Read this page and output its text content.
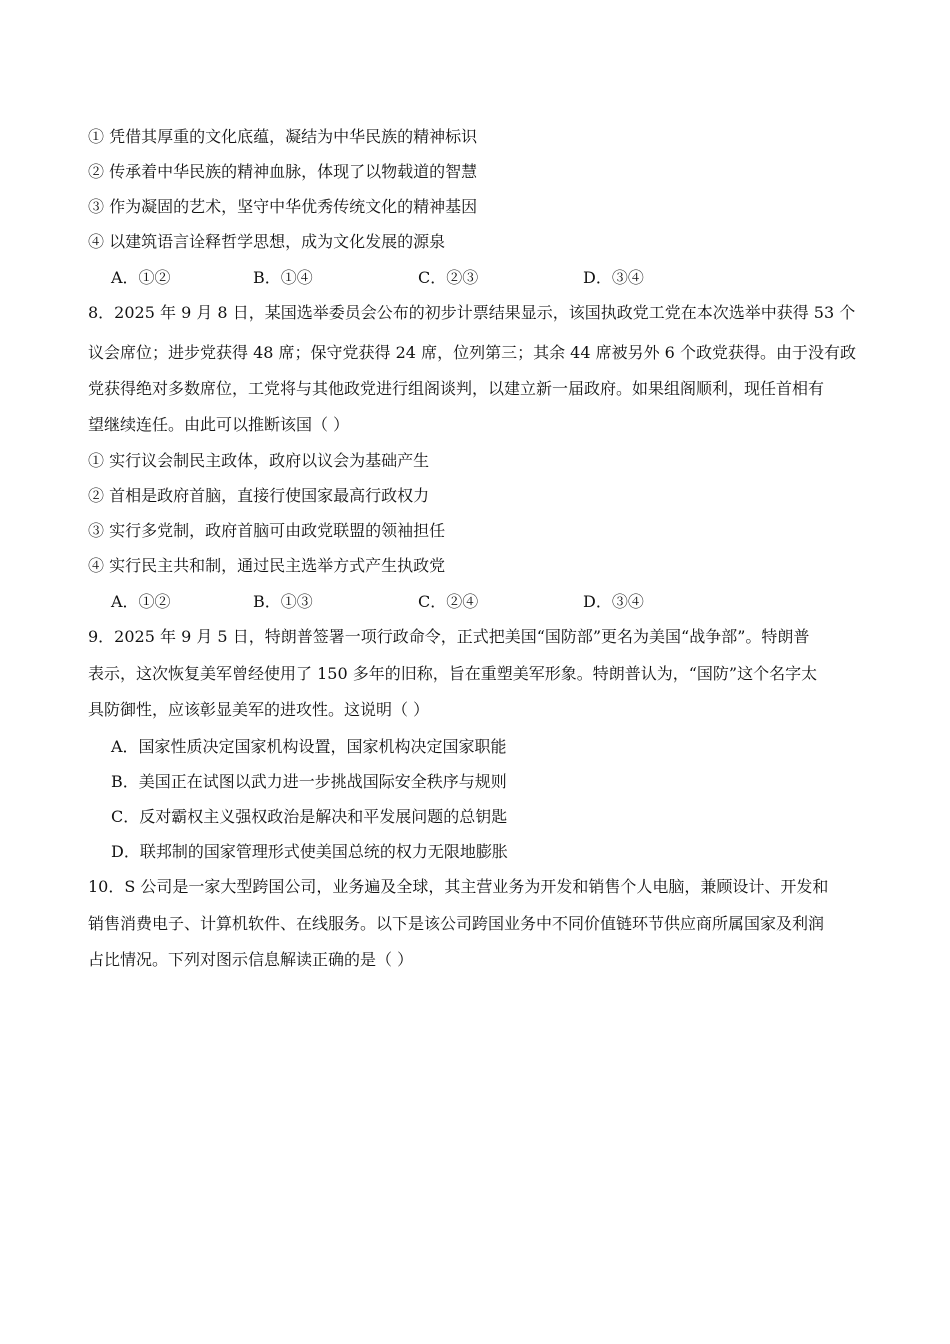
① 凭借其厚重的文化底蕴，凝结为中华民族的精神标识
② 传承着中华民族的精神血脉，体现了以物载道的智慧
③ 作为凝固的艺术，坚守中华优秀传统文化的精神基因
④ 以建筑语言诠释哲学思想，成为文化发展的源泉
A．①②	B．①④	C．②③	D．③④
8．2025 年 9 月 8 日，某国选举委员会公布的初步计票结果显示，该国执政党工党在本次选举中获得 53 个
议会席位；进步党获得 48 席；保守党获得 24 席，位列第三；其余 44 席被另外 6 个政党获得。由于没有政
党获得绝对多数席位，工党将与其他政党进行组阁谈判，以建立新一届政府。如果组阁顺利，现任首相有
望继续连任。由此可以推断该国（ ）
① 实行议会制民主政体，政府以议会为基础产生
② 首相是政府首脑，直接行使国家最高行政权力
③ 实行多党制，政府首脑可由政党联盟的领袖担任
④ 实行民主共和制，通过民主选举方式产生执政党
A．①②	B．①③	C．②④	D．③④
9．2025 年 9 月 5 日，特朗普签署一项行政命令，正式把美国“国防部”更名为美国“战争部”。特朗普
表示，这次恢复美军曾经使用了 150 多年的旧称，旨在重塑美军形象。特朗普认为，“国防”这个名字太
具防御性，应该彰显美军的进攻性。这说明（ ）
A．国家性质决定国家机构设置，国家机构决定国家职能
B．美国正在试图以武力进一步挑战国际安全秩序与规则
C．反对霸权主义强权政治是解决和平发展问题的总钥匙
D．联邦制的国家管理形式使美国总统的权力无限地膨胀
10．S 公司是一家大型跨国公司，业务遍及全球，其主营业务为开发和销售个人电脑，兼顾设计、开发和
销售消费电子、计算机软件、在线服务。以下是该公司跨国业务中不同价值链环节供应商所属国家及利润
占比情况。下列对图示信息解读正确的是（ ）
